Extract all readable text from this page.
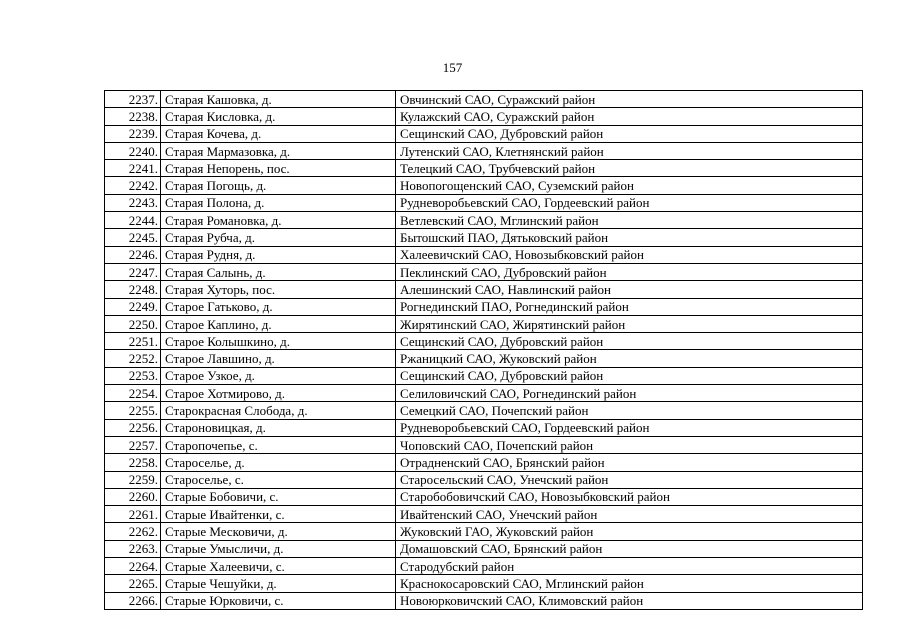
157
2237.	Старая Кашовка, д.	Овчинский САО, Суражский район
2238.	Старая Кисловка, д.	Кулажский САО, Суражский район
2239.	Старая Кочева, д.	Сещинский САО, Дубровский район
2240.	Старая Мармазовка, д.	Лутенский САО, Клетнянский район
2241.	Старая Непорень, пос.	Телецкий САО, Трубчевский район
2242.	Старая Погощь, д.	Новопогощенский САО, Суземский район
2243.	Старая Полона, д.	Рудневоробьевский САО, Гордеевский район
2244.	Старая Романовка, д.	Ветлевский САО, Мглинский район
2245.	Старая Рубча, д.	Бытошский ПАО, Дятьковский район
2246.	Старая Рудня, д.	Халеевичский САО, Новозыбковский район
2247.	Старая Салынь, д.	Пеклинский САО, Дубровский район
2248.	Старая Хуторь, пос.	Алешинский САО, Навлинский район
2249.	Старое Гатьково, д.	Рогнединский ПАО, Рогнединский район
2250.	Старое Каплино, д.	Жирятинский САО, Жирятинский район
2251.	Старое Колышкино, д.	Сещинский САО, Дубровский район
2252.	Старое Лавшино, д.	Ржаницкий САО, Жуковский район
2253.	Старое Узкое, д.	Сещинский САО, Дубровский район
2254.	Старое Хотмирово, д.	Селиловичский САО, Рогнединский район
2255.	Старокрасная Слобода, д.	Семецкий САО, Почепский район
2256.	Староновицкая, д.	Рудневоробьевский САО, Гордеевский район
2257.	Старопочепье, с.	Чоповский САО, Почепский район
2258.	Староселье, д.	Отрадненский САО, Брянский район
2259.	Староселье, с.	Старосельский САО, Унечский район
2260.	Старые Бобовичи, с.	Старобобовичский САО, Новозыбковский район
2261.	Старые Ивайтенки, с.	Ивайтенский САО, Унечский район
2262.	Старые Месковичи, д.	Жуковский ГАО, Жуковский район
2263.	Старые Умысличи, д.	Домашовский САО, Брянский район
2264.	Старые Халеевичи, с.	Стародубский район
2265.	Старые Чешуйки, д.	Краснокосаровский САО, Мглинский район
2266.	Старые Юрковичи, с.	Новоюрковичский САО, Климовский район
